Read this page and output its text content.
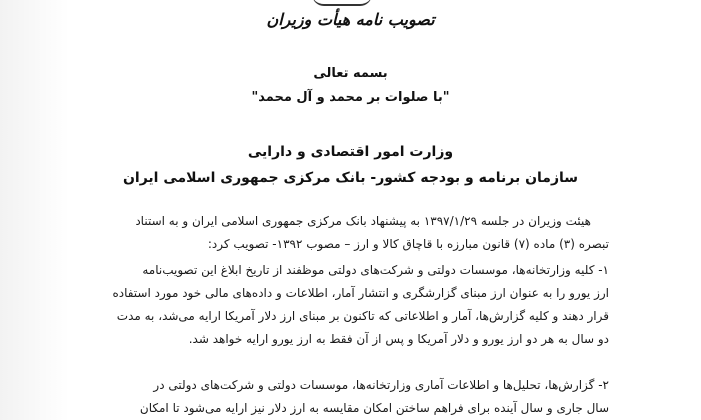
تصویب نامه هیأت وزیران
بسمه تعالی
"با صلوات بر محمد و آل محمد"
وزارت امور اقتصادی و دارایی
سازمان برنامه و بودجه کشور- بانک مرکزی جمهوری اسلامی ایران
هیئت وزیران در جلسه ۱۳۹۷/۱/۲۹ به پیشنهاد بانک مرکزی جمهوری اسلامی ایران و به استناد
تبصره (۳) ماده (۷) قانون مبارزه با قاچاق کالا و ارز – مصوب ۱۳۹۲- تصویب کرد:
۱- کلیه وزارتخانه‌ها، موسسات دولتی و شرکت‌های دولتی موظفند از تاریخ ابلاغ این تصویب‌نامه
ارز یورو را به عنوان ارز مبنای گزارشگری و انتشار آمار، اطلاعات و داده‌های مالی خود مورد استفاده
قرار دهند و کلیه گزارش‌ها، آمار و اطلاعاتی که تاکنون بر مبنای ارز دلار آمریکا ارایه می‌شد، به مدت
دو سال به هر دو ارز یورو و دلار آمریکا و پس از آن فقط به ارز یورو ارایه خواهد شد.
۲- گزارش‌ها، تحلیل‌ها و اطلاعات آماری وزارتخانه‌ها، موسسات دولتی و شرکت‌های دولتی در
سال جاری و سال آینده برای فراهم ساختن امکان مقایسه به ارز دلار نیز ارایه می‌شود تا امکان
